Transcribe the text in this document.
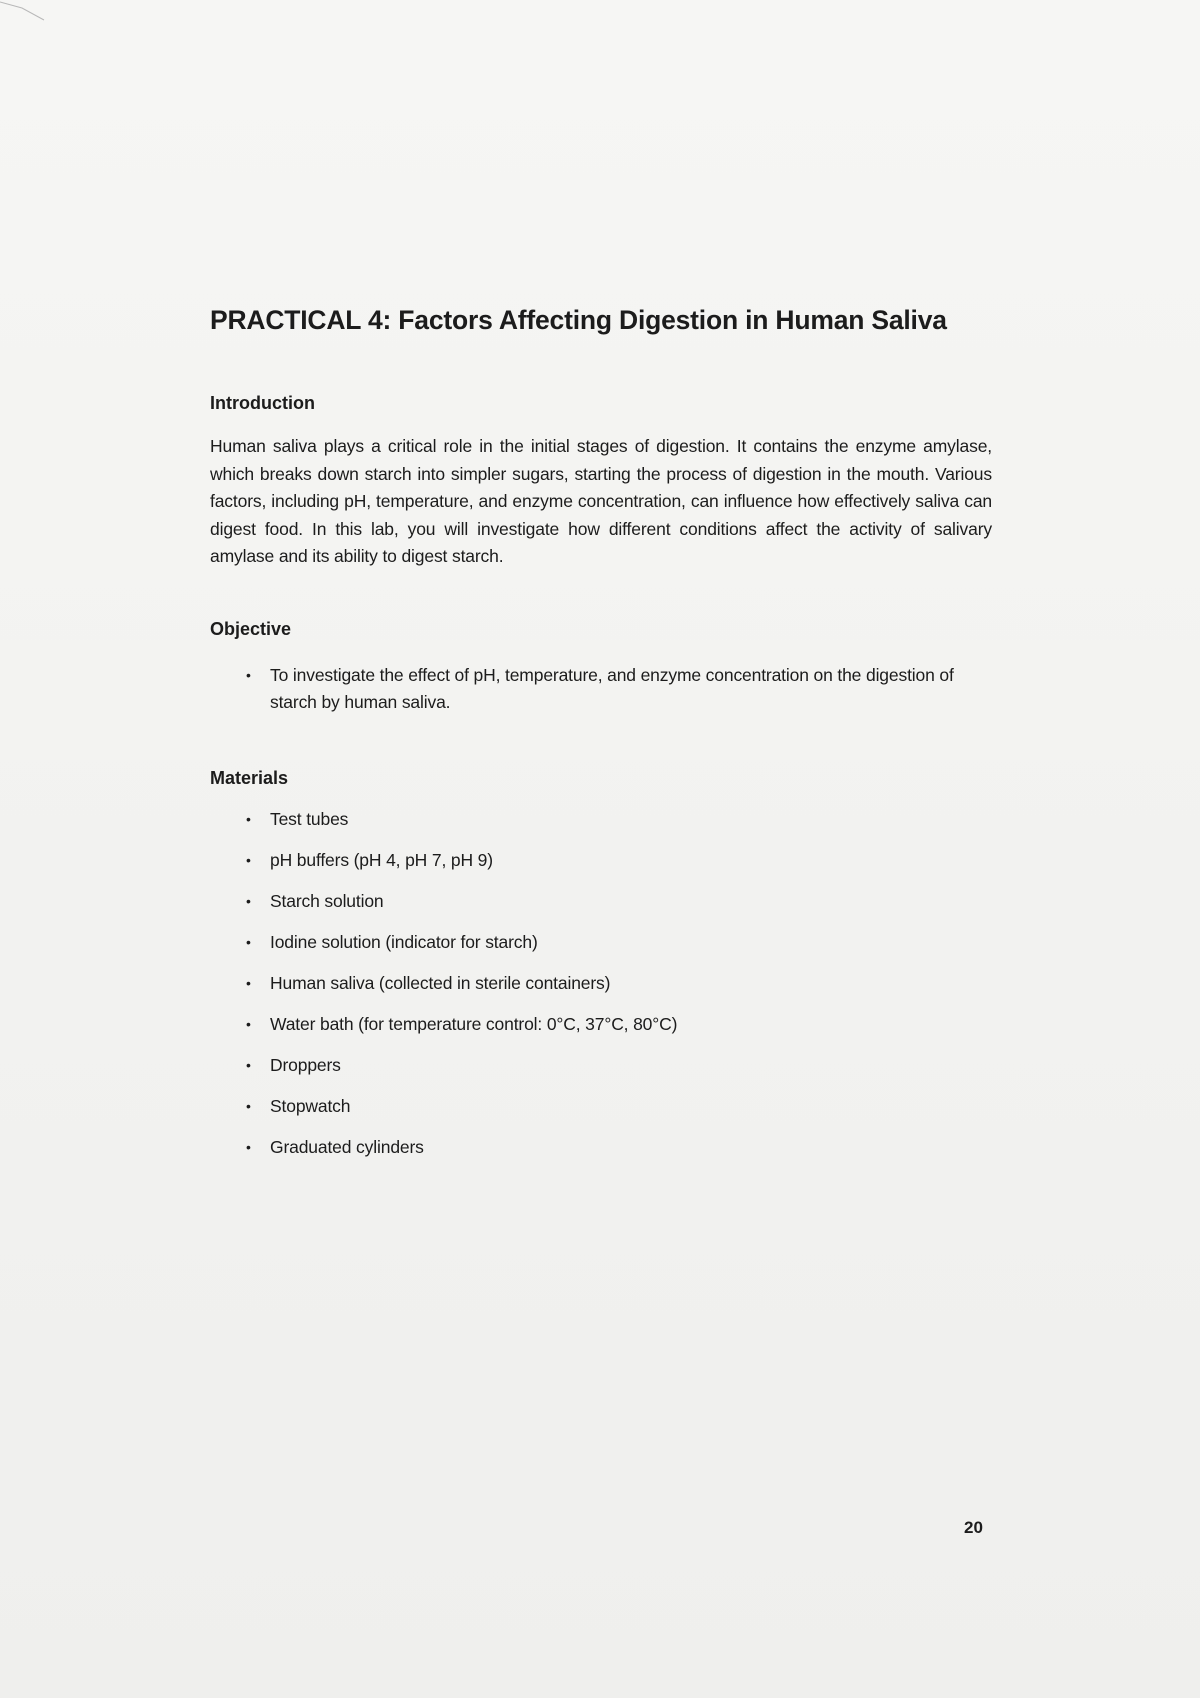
PRACTICAL 4: Factors Affecting Digestion in Human Saliva
Introduction

Human saliva plays a critical role in the initial stages of digestion. It contains the enzyme amylase, which breaks down starch into simpler sugars, starting the process of digestion in the mouth. Various factors, including pH, temperature, and enzyme concentration, can influence how effectively saliva can digest food. In this lab, you will investigate how different conditions affect the activity of salivary amylase and its ability to digest starch.

Objective
• To investigate the effect of pH, temperature, and enzyme concentration on the digestion of starch by human saliva.
Materials
• Test tubes
• pH buffers (pH 4, pH 7, pH 9)
• Starch solution
• Iodine solution (indicator for starch)
• Human saliva (collected in sterile containers)
• Water bath (for temperature control: 0°C, 37°C, 80°C)
• Droppers
• Stopwatch
• Graduated cylinders
20
